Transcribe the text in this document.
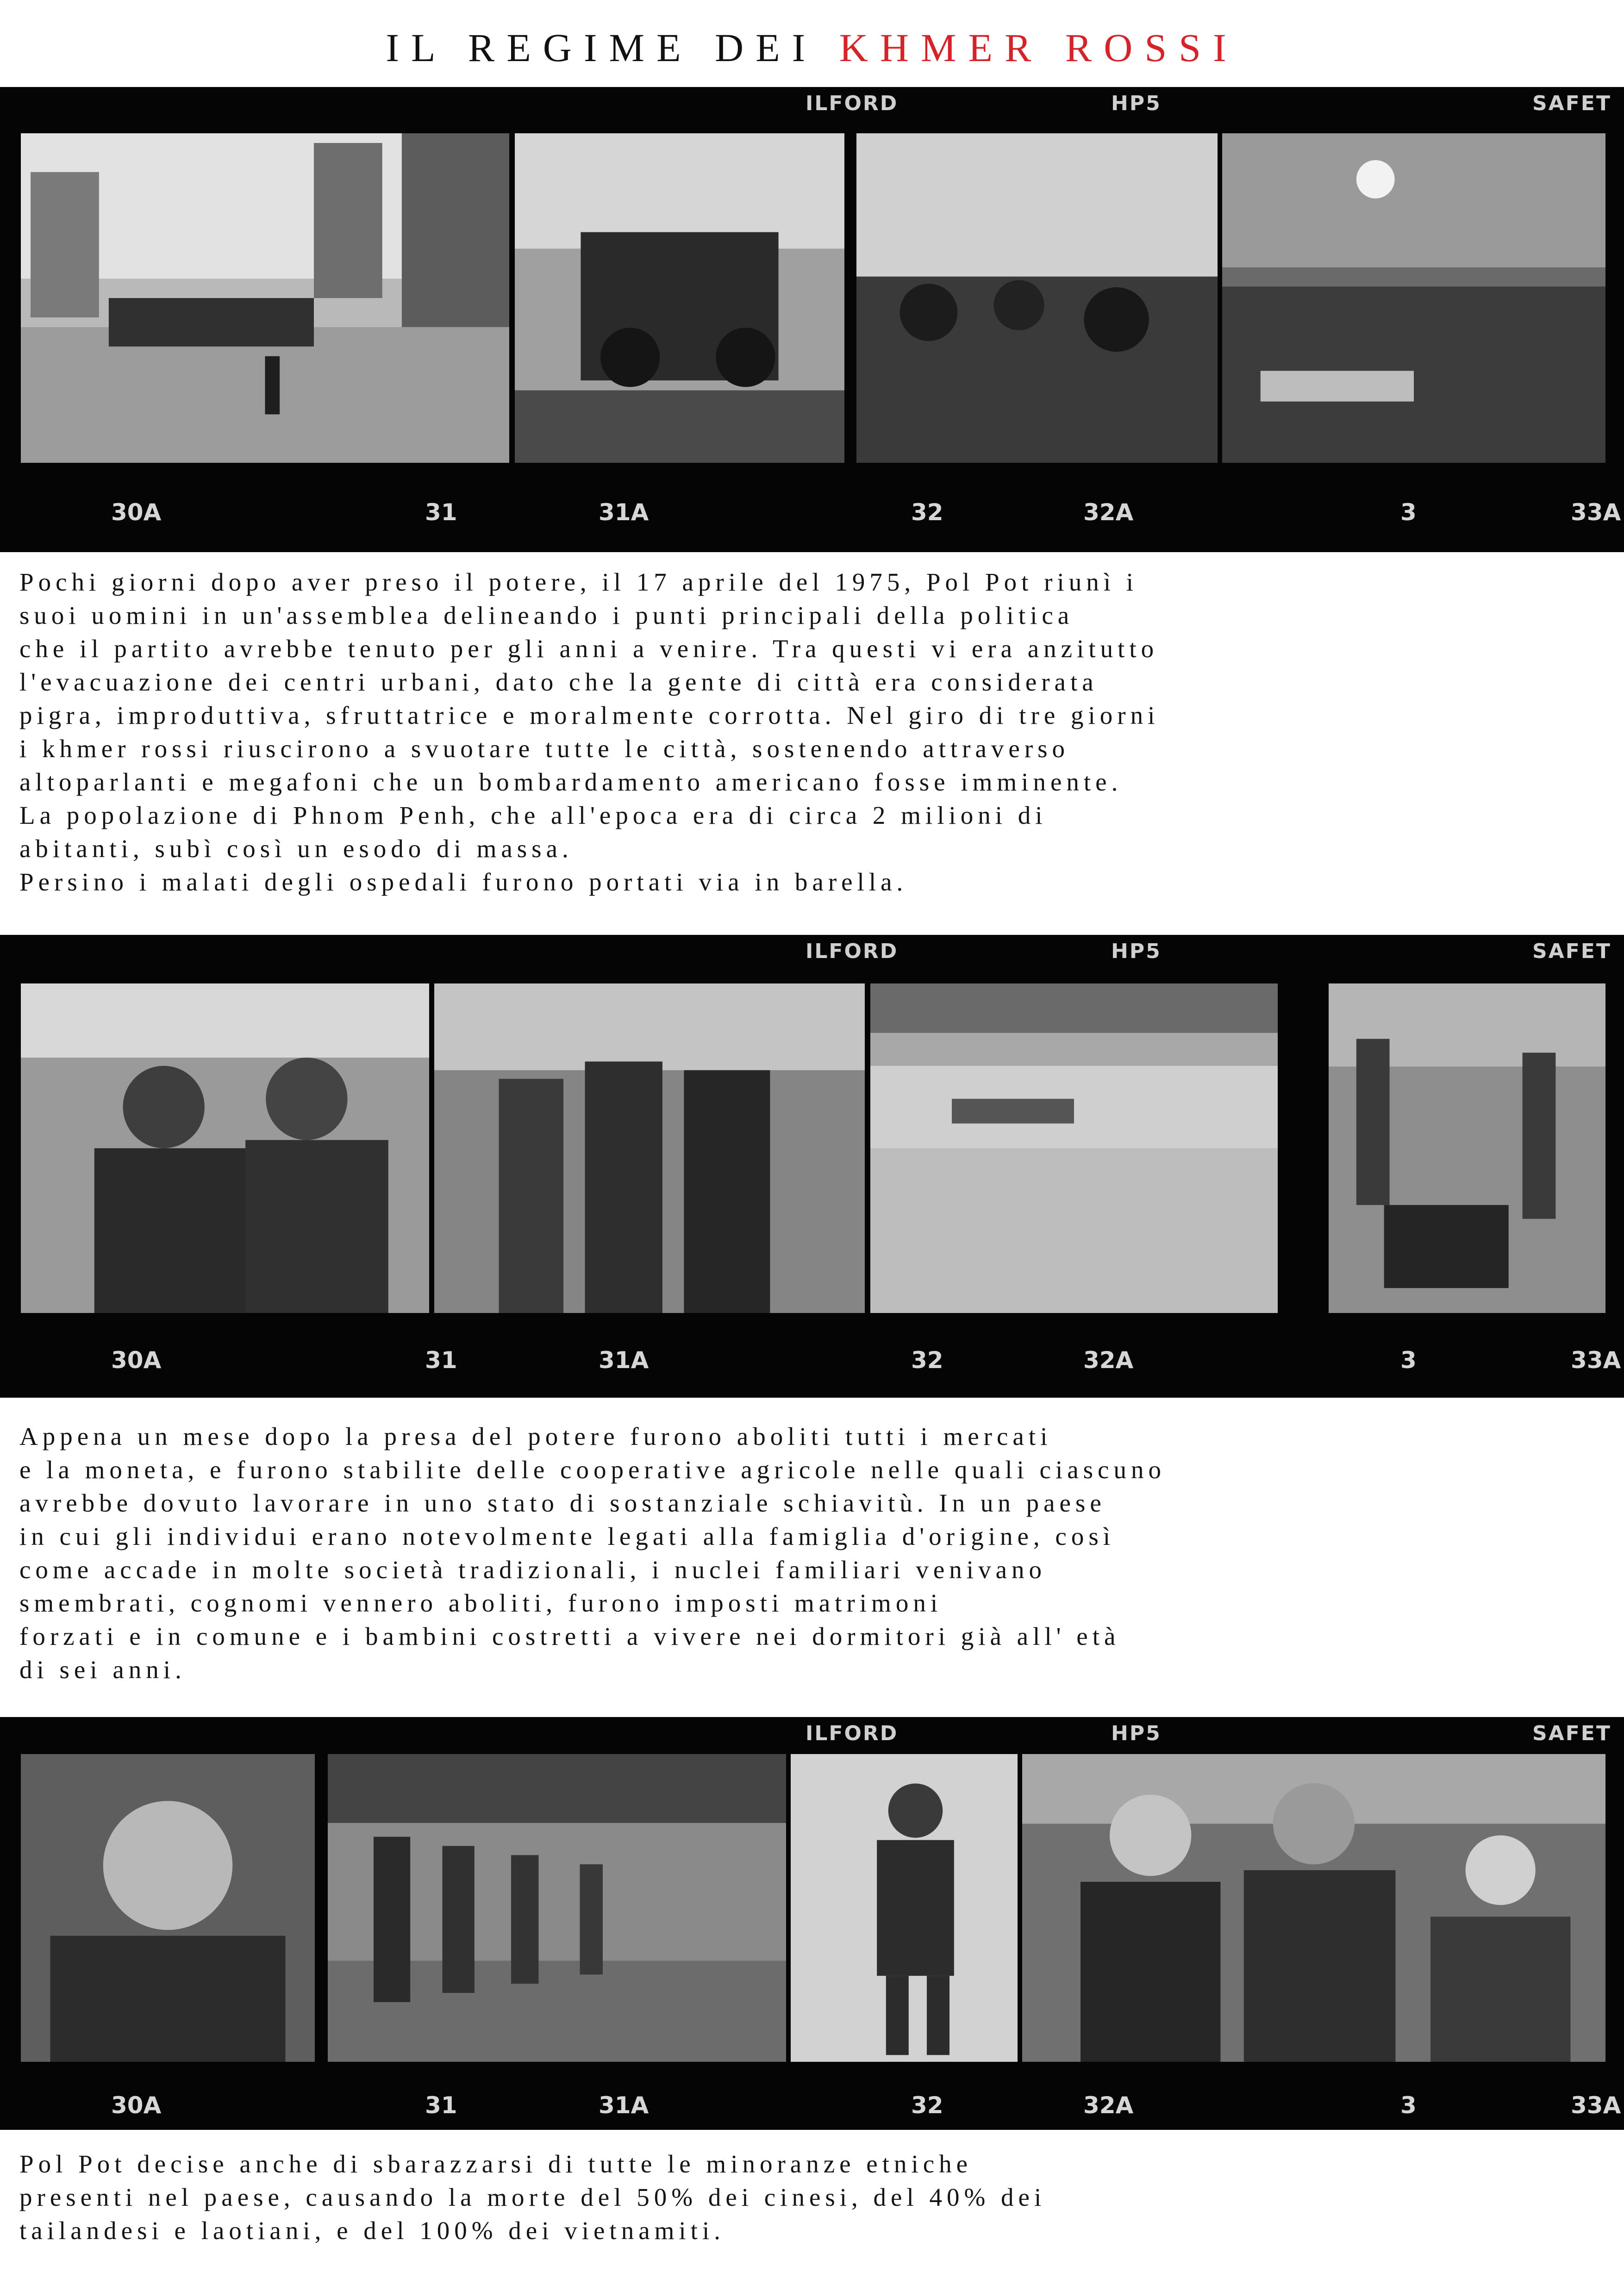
IL REGIME DEI KHMER ROSSI
ILFORD	HP5	SAFET
30A	31	31A	32	32A	3	33A
Pochi giorni dopo aver preso il potere, il 17 aprile del 1975, Pol Pot riunì i
suoi uomini in un'assemblea delineando i punti principali della politica
che il partito avrebbe tenuto per gli anni a venire. Tra questi vi era anzitutto
l'evacuazione dei centri urbani, dato che la gente di città era considerata
pigra, improduttiva, sfruttatrice e moralmente corrotta. Nel giro di tre giorni
i khmer rossi riuscirono a svuotare tutte le città, sostenendo attraverso
altoparlanti e megafoni che un bombardamento americano fosse imminente.
La popolazione di Phnom Penh, che all'epoca era di circa 2 milioni di
abitanti, subì così un esodo di massa.
Persino i malati degli ospedali furono portati via in barella.
ILFORD	HP5	SAFET
30A	31	31A	32	32A	3	33A
Appena un mese dopo la presa del potere furono aboliti tutti i mercati
e la moneta, e furono stabilite delle cooperative agricole nelle quali ciascuno
avrebbe dovuto lavorare in uno stato di sostanziale schiavitù. In un paese
in cui gli individui erano notevolmente legati alla famiglia d'origine, così
come accade in molte società tradizionali, i nuclei familiari venivano
smembrati, cognomi vennero aboliti, furono imposti matrimoni
forzati e in comune e i bambini costretti a vivere nei dormitori già all' età
di sei anni.
ILFORD	HP5	SAFET
30A	31	31A	32	32A	3	33A
Pol Pot decise anche di sbarazzarsi di tutte le minoranze etniche
presenti nel paese, causando la morte del 50% dei cinesi, del 40% dei
tailandesi e laotiani, e del 100% dei vietnamiti.
